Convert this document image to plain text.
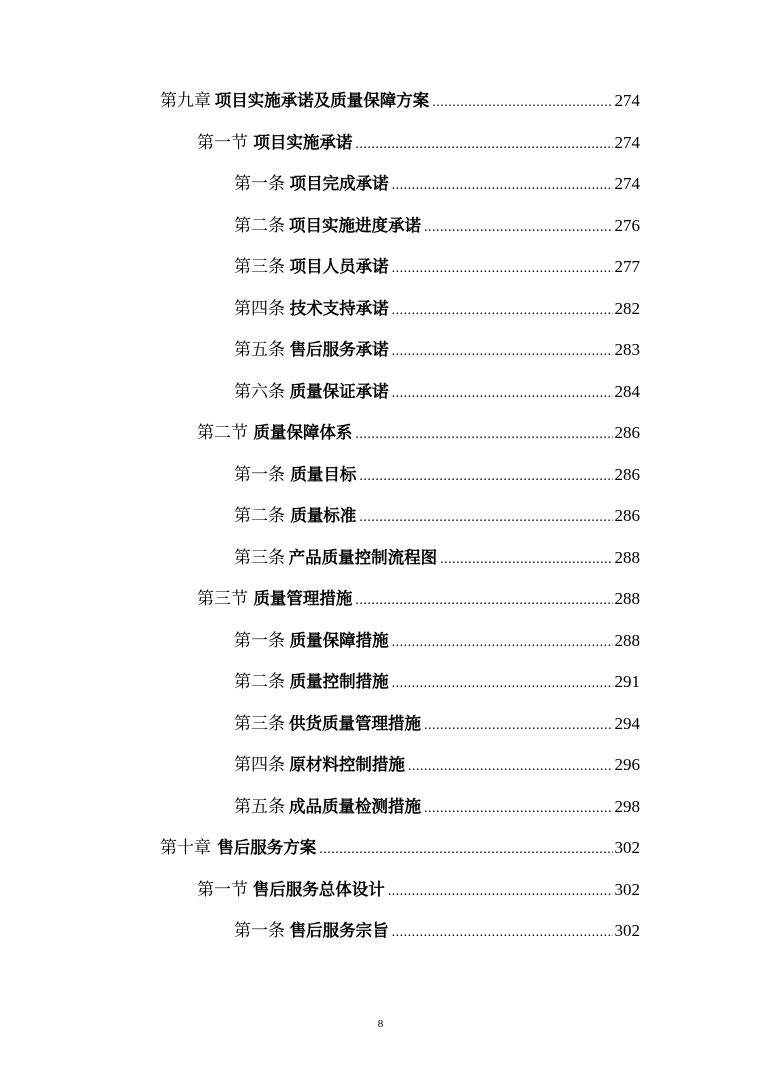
第九章 项目实施承诺及质量保障方案 .....	274
第一节 项目实施承诺 .....	274
第一条 项目完成承诺 .....	274
第二条 项目实施进度承诺 .....	276
第三条 项目人员承诺 .....	277
第四条 技术支持承诺 .....	282
第五条 售后服务承诺 .....	283
第六条 质量保证承诺 .....	284
第二节 质量保障体系 .....	286
第一条 质量目标 .....	286
第二条 质量标准 .....	286
第三条 产品质量控制流程图 .....	288
第三节 质量管理措施 .....	288
第一条 质量保障措施 .....	288
第二条 质量控制措施 .....	291
第三条 供货质量管理措施 .....	294
第四条 原材料控制措施 .....	296
第五条 成品质量检测措施 .....	298
第十章 售后服务方案 .....	302
第一节 售后服务总体设计 .....	302
第一条 售后服务宗旨 .....	302
8
